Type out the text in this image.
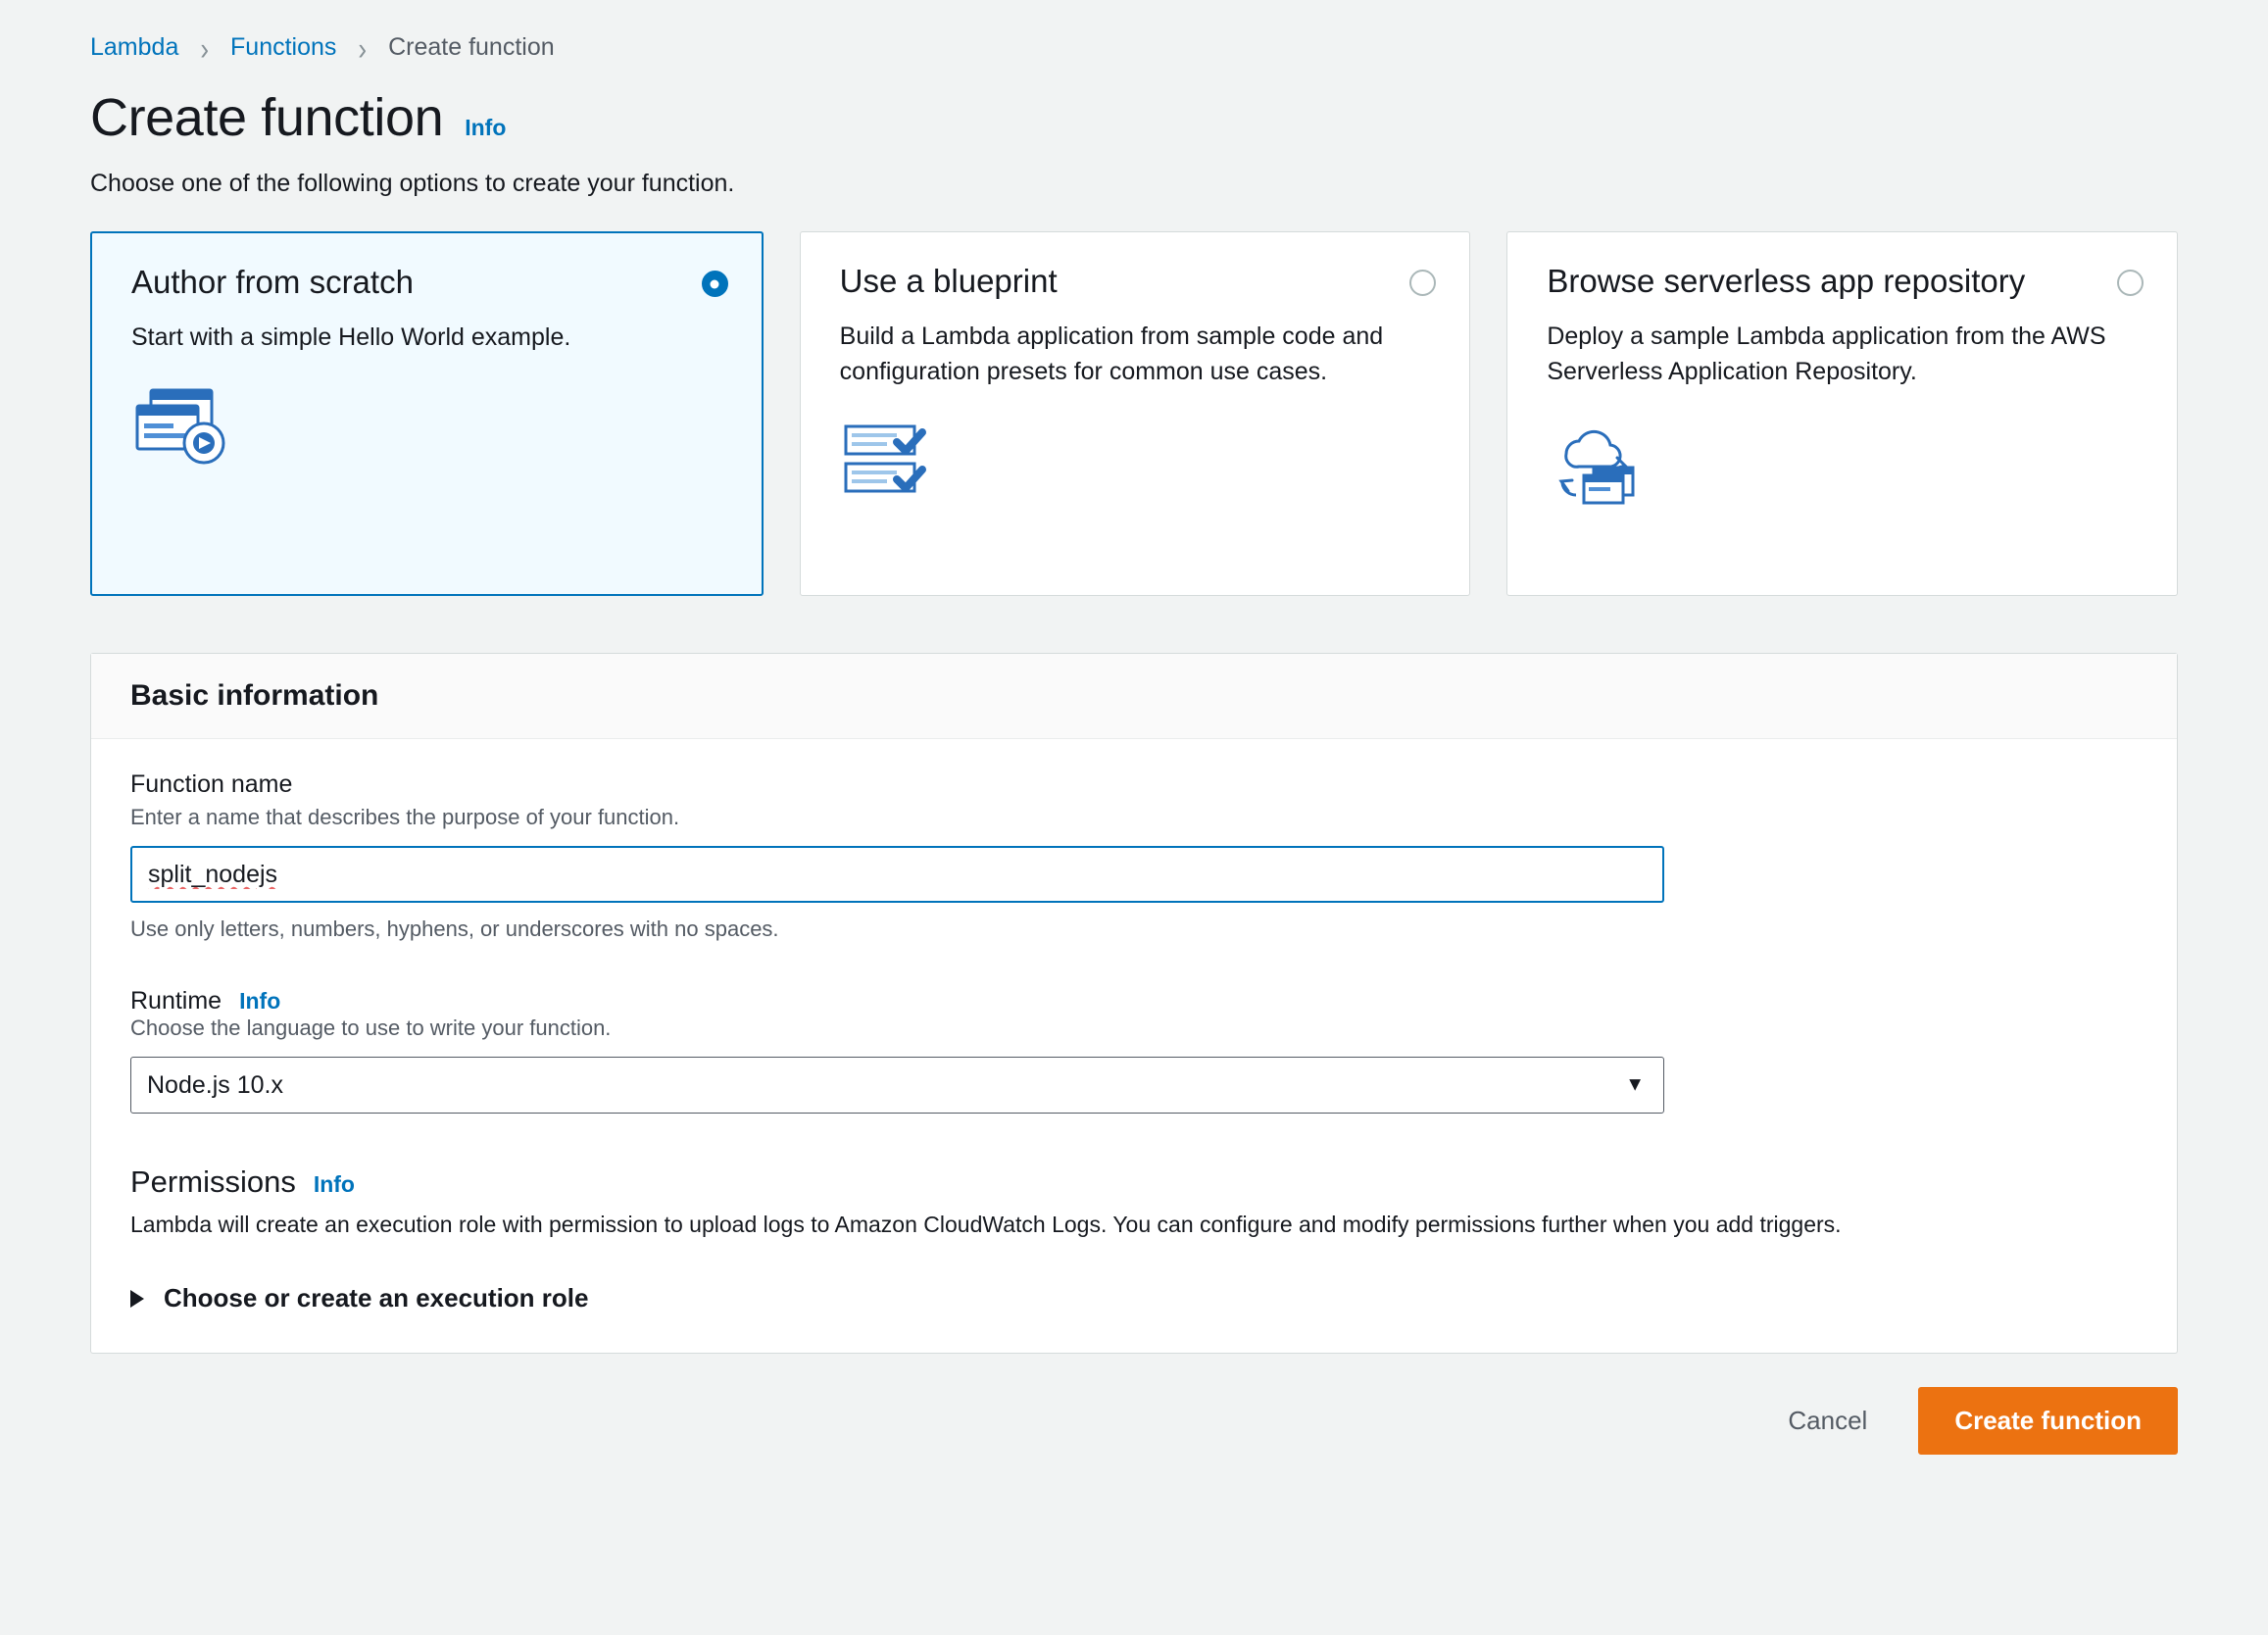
Lambda › Functions › Create function
Create function Info

Choose one of the following options to create your function.

Author from scratch

Start with a simple Hello World example.

Use a blueprint

Build a Lambda application from sample code and configuration presets for common use cases.

Browse serverless app repository

Deploy a sample Lambda application from the AWS Serverless Application Repository.

Basic information

Function name

Enter a name that describes the purpose of your function.

split_nodejs

Use only letters, numbers, hyphens, or underscores with no spaces.

Runtime Info

Choose the language to use to write your function.

Node.js 10.x
▼
Permissions Info

Lambda will create an execution role with permission to upload logs to Amazon CloudWatch Logs. You can configure and modify permissions further when you add triggers.

Choose or create an execution role
Cancel	Create function
